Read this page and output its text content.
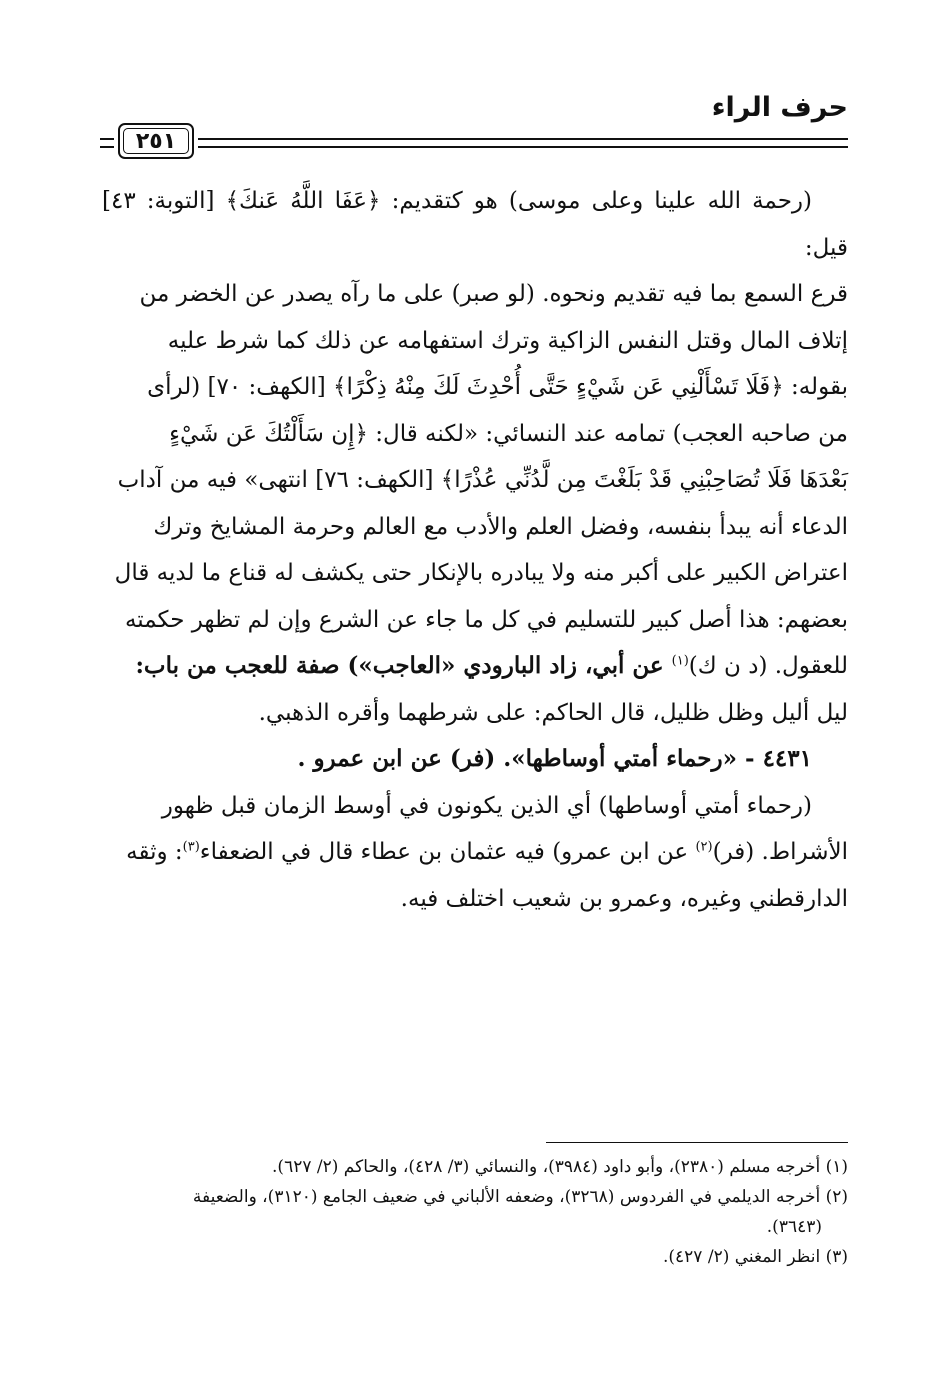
حرف الراء
٢٥١

(رحمة الله علينا وعلى موسى) هو كتقديم: ﴿عَفَا اللَّهُ عَنكَ﴾ [التوبة: ٤٣] قيل:

قرع السمع بما فيه تقديم ونحوه. (لو صبر) على ما رآه يصدر عن الخضر من

إتلاف المال وقتل النفس الزاكية وترك استفهامه عن ذلك كما شرط عليه

بقوله: ﴿فَلَا تَسْأَلْنِي عَن شَيْءٍ حَتَّى أُحْدِثَ لَكَ مِنْهُ ذِكْرًا﴾ [الكهف: ٧٠] (لرأى

من صاحبه العجب) تمامه عند النسائي: «لكنه قال: ﴿إِن سَأَلْتُكَ عَن شَيْءٍ

بَعْدَهَا فَلَا تُصَاحِبْنِي قَدْ بَلَغْتَ مِن لَّدُنِّي عُذْرًا﴾ [الكهف: ٧٦] انتهى» فيه من آداب

الدعاء أنه يبدأ بنفسه، وفضل العلم والأدب مع العالم وحرمة المشايخ وترك

اعتراض الكبير على أكبر منه ولا يبادره بالإنكار حتى يكشف له قناع ما لديه قال

بعضهم: هذا أصل كبير للتسليم في كل ما جاء عن الشرع وإن لم تظهر حكمته

للعقول. (د ن ك)$^{(١)}$ عن أبي، زاد البارودي «العاجب») صفة للعجب من باب:

ليل أليل وظل ظليل، قال الحاكم: على شرطهما وأقره الذهبي.

٤٤٣١ - «رحماء أمتي أوساطها». (فر) عن ابن عمرو .

(رحماء أمتي أوساطها) أي الذين يكونون في أوسط الزمان قبل ظهور

الأشراط. (فر)$^{(٢)}$ عن ابن عمرو) فيه عثمان بن عطاء قال في الضعفاء$^{(٣)}$: وثقه

الدارقطني وغيره، وعمرو بن شعيب اختلف فيه.

(١) أخرجه مسلم (٢٣٨٠)، وأبو داود (٣٩٨٤)، والنسائي (٣/ ٤٢٨)، والحاكم (٢/ ٦٢٧).

(٢) أخرجه الديلمي في الفردوس (٣٢٦٨)، وضعفه الألباني في ضعيف الجامع (٣١٢٠)، والضعيفة

(٣٦٤٣).

(٣) انظر المغني (٢/ ٤٢٧).
